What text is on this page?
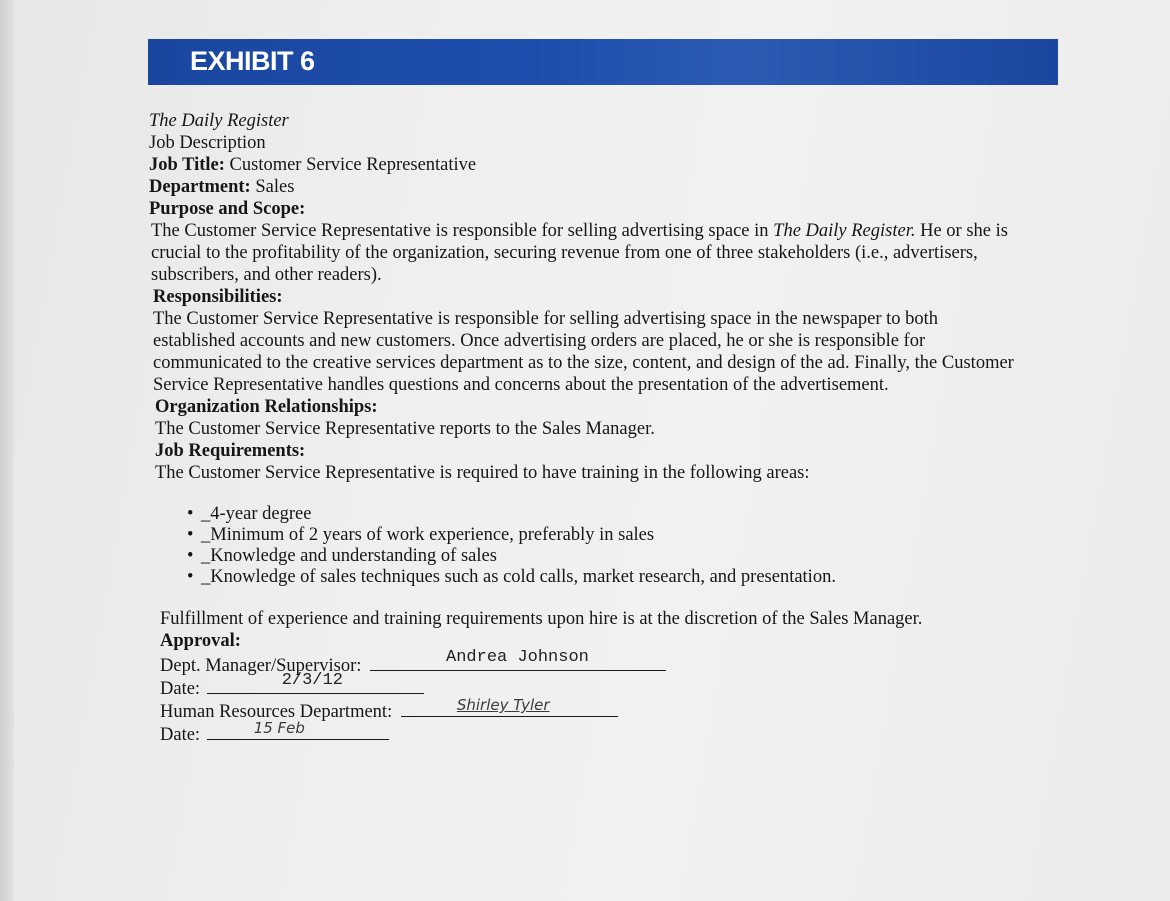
EXHIBIT 6
The Daily Register
Job Description
Job Title: Customer Service Representative
Department: Sales
Purpose and Scope:
The Customer Service Representative is responsible for selling advertising space in The Daily Register. He or she is
crucial to the profitability of the organization, securing revenue from one of three stakeholders (i.e., advertisers,
subscribers, and other readers).
Responsibilities:
The Customer Service Representative is responsible for selling advertising space in the newspaper to both
established accounts and new customers. Once advertising orders are placed, he or she is responsible for
communicated to the creative services department as to the size, content, and design of the ad. Finally, the Customer
Service Representative handles questions and concerns about the presentation of the advertisement.
Organization Relationships:
The Customer Service Representative reports to the Sales Manager.
Job Requirements:
The Customer Service Representative is required to have training in the following areas:
• _4-year degree
• _Minimum of 2 years of work experience, preferably in sales
• _Knowledge and understanding of sales
• _Knowledge of sales techniques such as cold calls, market research, and presentation.
Fulfillment of experience and training requirements upon hire is at the discretion of the Sales Manager.
Approval:
Dept. Manager/Supervisor:	Andrea Johnson
Date:	2/3/12
Human Resources Department:	Shirley Tyler
Date:	15 Feb
